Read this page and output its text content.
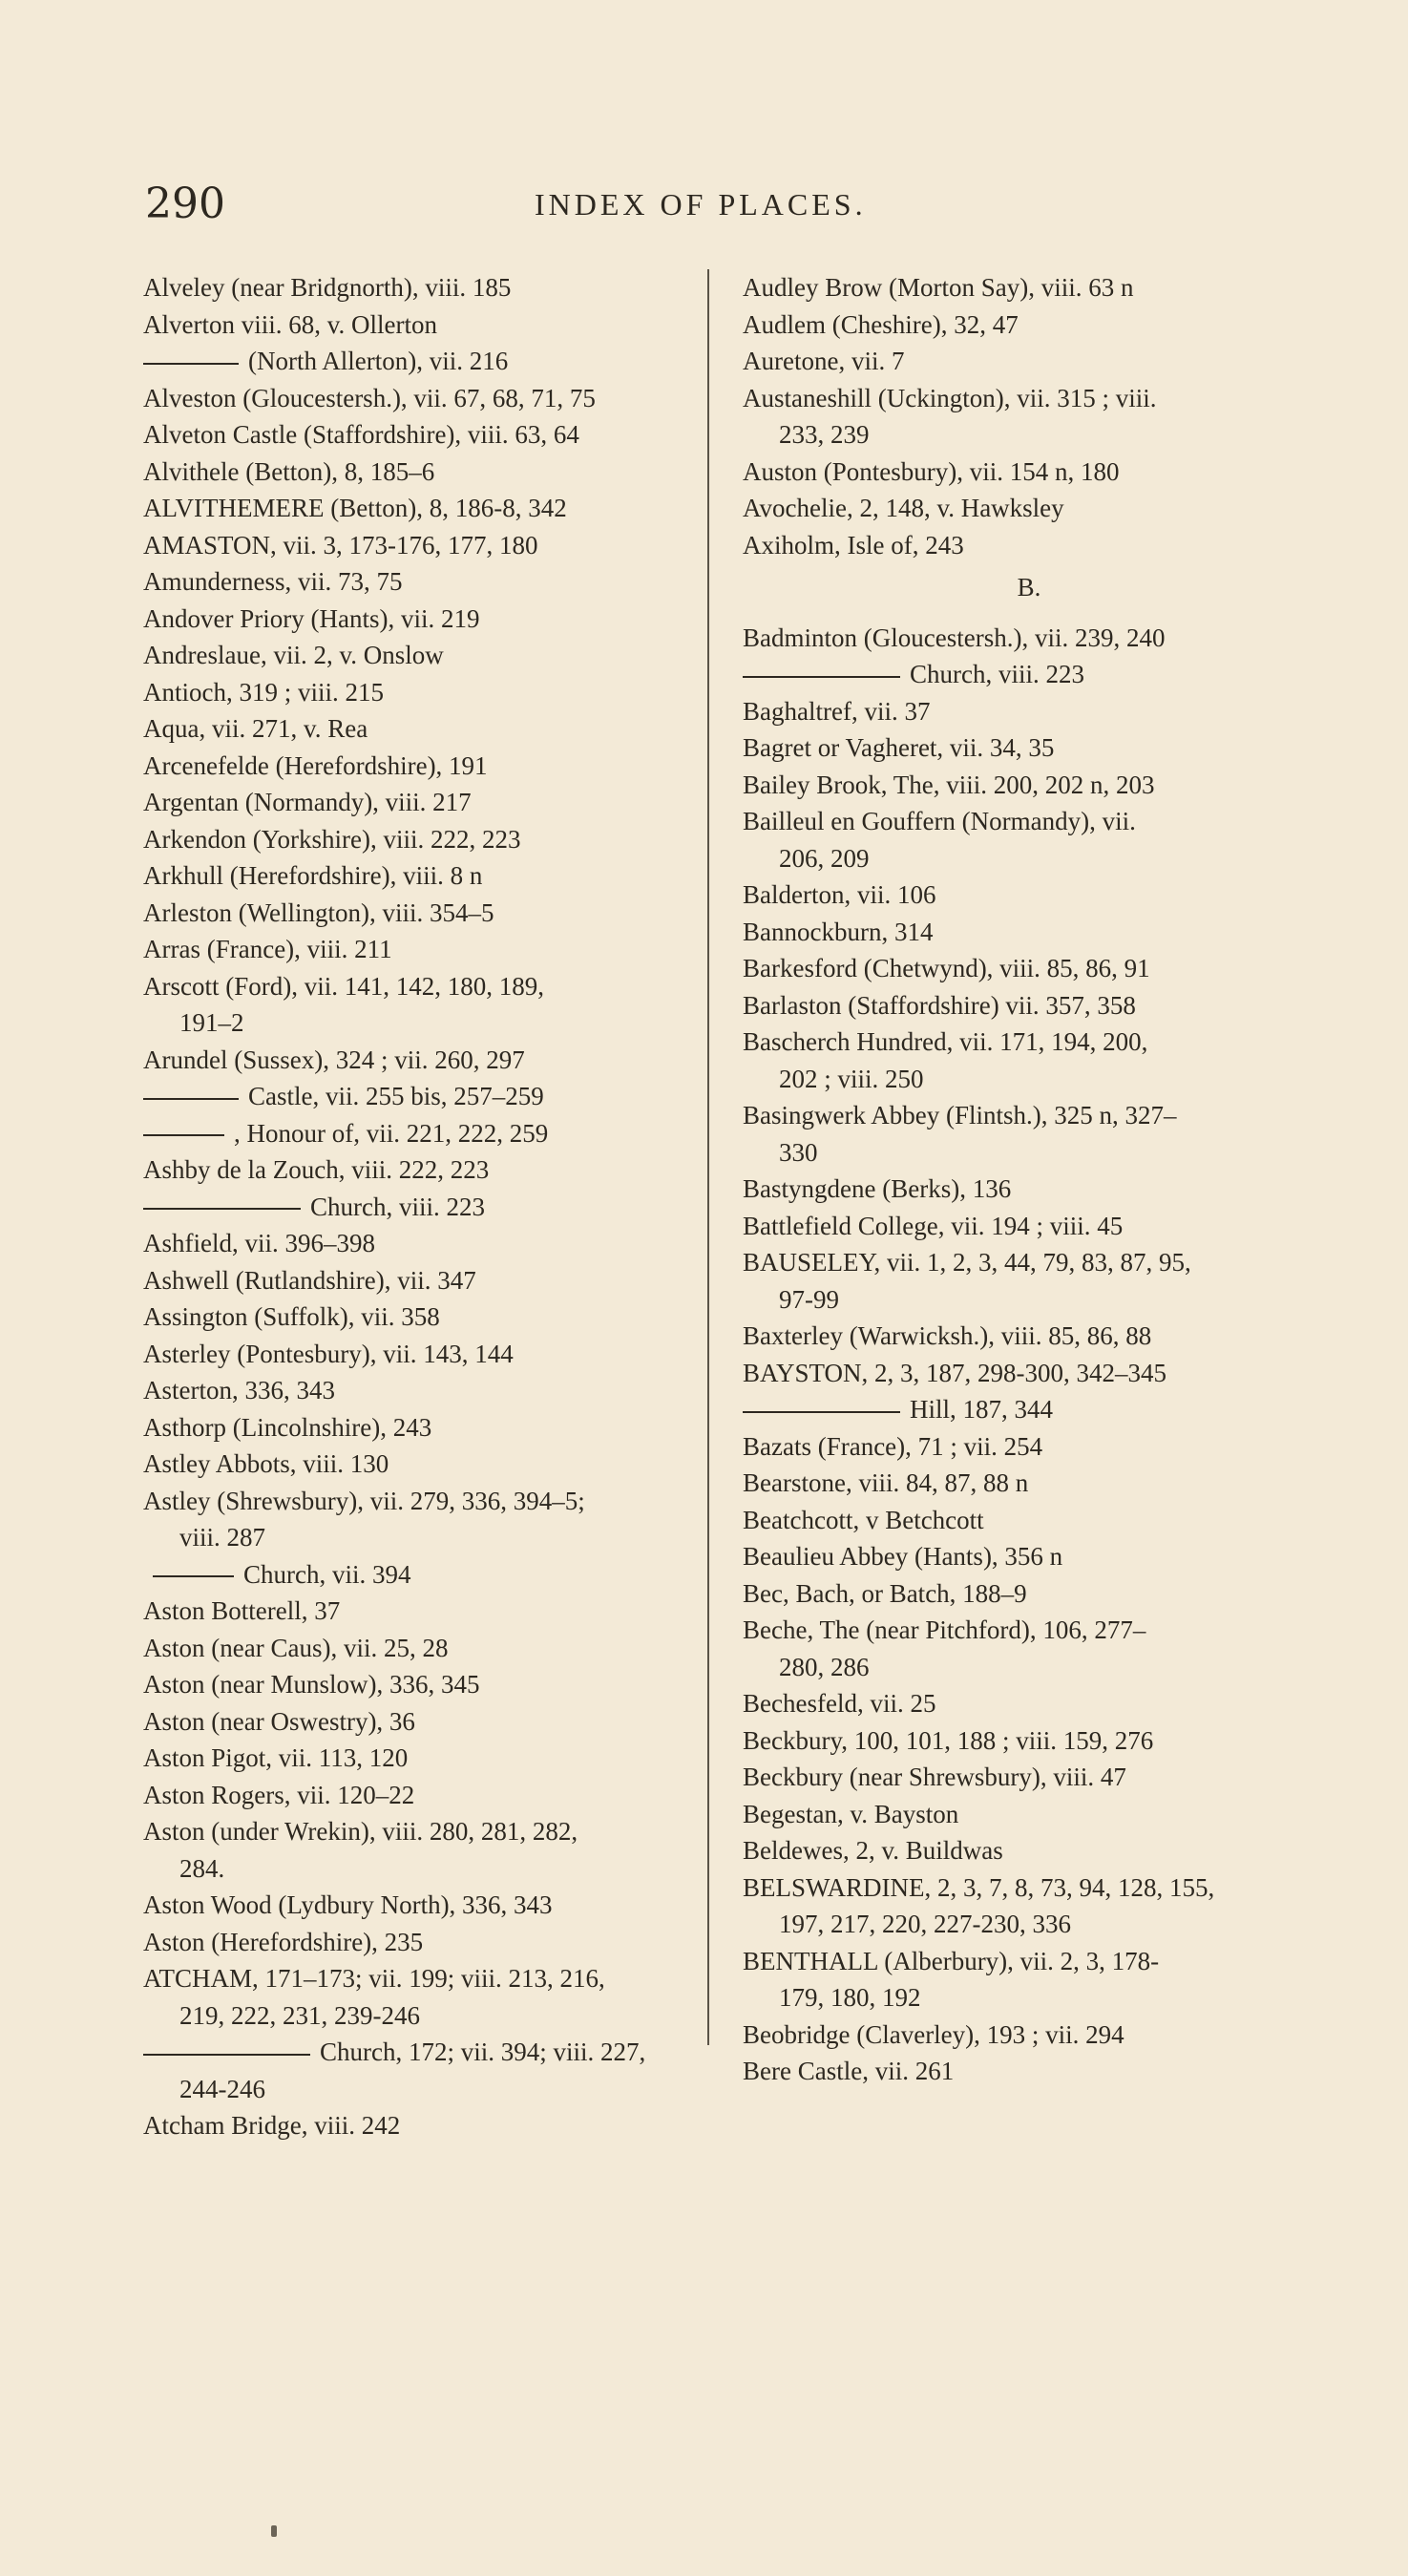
290	INDEX OF PLACES.
Alveley (near Bridgnorth), viii. 185
Alverton viii. 68, v. Ollerton
(North Allerton), vii. 216
Alveston (Gloucestersh.), vii. 67, 68, 71, 75
Alveton Castle (Staffordshire), viii. 63, 64
Alvithele (Betton), 8, 185–6
ALVITHEMERE (Betton), 8, 186-8, 342
AMASTON, vii. 3, 173-176, 177, 180
Amunderness, vii. 73, 75
Andover Priory (Hants), vii. 219
Andreslaue, vii. 2, v. Onslow
Antioch, 319 ; viii. 215
Aqua, vii. 271, v. Rea
Arcenefelde (Herefordshire), 191
Argentan (Normandy), viii. 217
Arkendon (Yorkshire), viii. 222, 223
Arkhull (Herefordshire), viii. 8 n
Arleston (Wellington), viii. 354–5
Arras (France), viii. 211
Arscott (Ford), vii. 141, 142, 180, 189,
191–2
Arundel (Sussex), 324 ; vii. 260, 297
Castle, vii. 255 bis, 257–259
, Honour of, vii. 221, 222, 259
Ashby de la Zouch, viii. 222, 223
Church, viii. 223
Ashfield, vii. 396–398
Ashwell (Rutlandshire), vii. 347
Assington (Suffolk), vii. 358
Asterley (Pontesbury), vii. 143, 144
Asterton, 336, 343
Asthorp (Lincolnshire), 243
Astley Abbots, viii. 130
Astley (Shrewsbury), vii. 279, 336, 394–5;
viii. 287
Church, vii. 394
Aston Botterell, 37
Aston (near Caus), vii. 25, 28
Aston (near Munslow), 336, 345
Aston (near Oswestry), 36
Aston Pigot, vii. 113, 120
Aston Rogers, vii. 120–22
Aston (under Wrekin), viii. 280, 281, 282,
284.
Aston Wood (Lydbury North), 336, 343
Aston (Herefordshire), 235
ATCHAM, 171–173; vii. 199; viii. 213, 216,
219, 222, 231, 239-246
Church, 172; vii. 394; viii. 227,
244-246
Atcham Bridge, viii. 242
Audley Brow (Morton Say), viii. 63 n
Audlem (Cheshire), 32, 47
Auretone, vii. 7
Austaneshill (Uckington), vii. 315 ; viii.
233, 239
Auston (Pontesbury), vii. 154 n, 180
Avochelie, 2, 148, v. Hawksley
Axiholm, Isle of, 243
B.
Badminton (Gloucestersh.), vii. 239, 240
Church, viii. 223
Baghaltref, vii. 37
Bagret or Vagheret, vii. 34, 35
Bailey Brook, The, viii. 200, 202 n, 203
Bailleul en Gouffern (Normandy), vii.
206, 209
Balderton, vii. 106
Bannockburn, 314
Barkesford (Chetwynd), viii. 85, 86, 91
Barlaston (Staffordshire) vii. 357, 358
Bascherch Hundred, vii. 171, 194, 200,
202 ; viii. 250
Basingwerk Abbey (Flintsh.), 325 n, 327–
330
Bastyngdene (Berks), 136
Battlefield College, vii. 194 ; viii. 45
BAUSELEY, vii. 1, 2, 3, 44, 79, 83, 87, 95,
97-99
Baxterley (Warwicksh.), viii. 85, 86, 88
BAYSTON, 2, 3, 187, 298-300, 342–345
Hill, 187, 344
Bazats (France), 71 ; vii. 254
Bearstone, viii. 84, 87, 88 n
Beatchcott, v Betchcott
Beaulieu Abbey (Hants), 356 n
Bec, Bach, or Batch, 188–9
Beche, The (near Pitchford), 106, 277–
280, 286
Bechesfeld, vii. 25
Beckbury, 100, 101, 188 ; viii. 159, 276
Beckbury (near Shrewsbury), viii. 47
Begestan, v. Bayston
Beldewes, 2, v. Buildwas
BELSWARDINE, 2, 3, 7, 8, 73, 94, 128, 155,
197, 217, 220, 227-230, 336
BENTHALL (Alberbury), vii. 2, 3, 178-
179, 180, 192
Beobridge (Claverley), 193 ; vii. 294
Bere Castle, vii. 261
